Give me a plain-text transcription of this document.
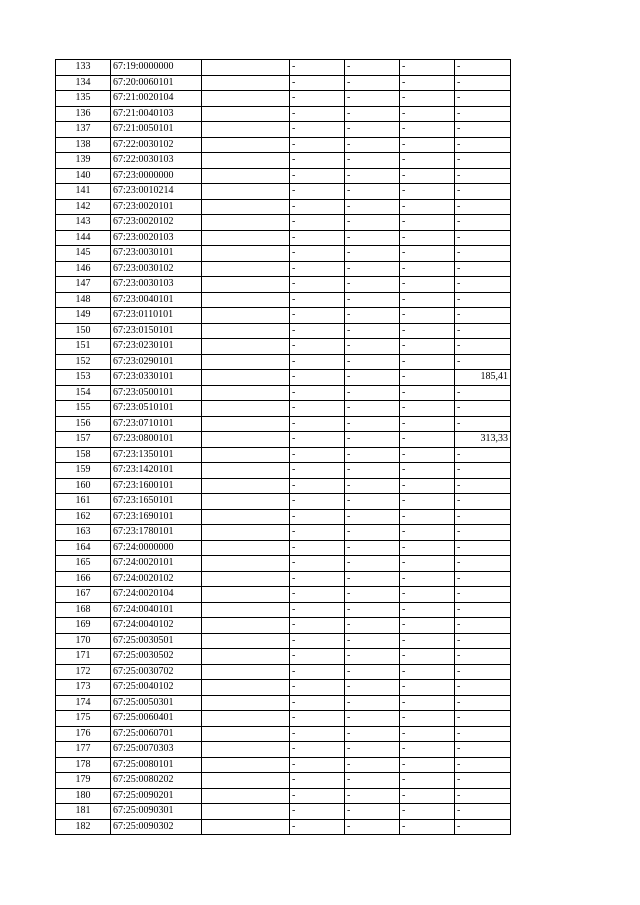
133	67:19:0000000		-	-	-	-
134	67:20:0060101		-	-	-	-
135	67:21:0020104		-	-	-	-
136	67:21:0040103		-	-	-	-
137	67:21:0050101		-	-	-	-
138	67:22:0030102		-	-	-	-
139	67:22:0030103		-	-	-	-
140	67:23:0000000		-	-	-	-
141	67:23:0010214		-	-	-	-
142	67:23:0020101		-	-	-	-
143	67:23:0020102		-	-	-	-
144	67:23:0020103		-	-	-	-
145	67:23:0030101		-	-	-	-
146	67:23:0030102		-	-	-	-
147	67:23:0030103		-	-	-	-
148	67:23:0040101		-	-	-	-
149	67:23:0110101		-	-	-	-
150	67:23:0150101		-	-	-	-
151	67:23:0230101		-	-	-	-
152	67:23:0290101		-	-	-	-
153	67:23:0330101		-	-	-	185,41
154	67:23:0500101		-	-	-	-
155	67:23:0510101		-	-	-	-
156	67:23:0710101		-	-	-	-
157	67:23:0800101		-	-	-	313,33
158	67:23:1350101		-	-	-	-
159	67:23:1420101		-	-	-	-
160	67:23:1600101		-	-	-	-
161	67:23:1650101		-	-	-	-
162	67:23:1690101		-	-	-	-
163	67:23:1780101		-	-	-	-
164	67:24:0000000		-	-	-	-
165	67:24:0020101		-	-	-	-
166	67:24:0020102		-	-	-	-
167	67:24:0020104		-	-	-	-
168	67:24:0040101		-	-	-	-
169	67:24:0040102		-	-	-	-
170	67:25:0030501		-	-	-	-
171	67:25:0030502		-	-	-	-
172	67:25:0030702		-	-	-	-
173	67:25:0040102		-	-	-	-
174	67:25:0050301		-	-	-	-
175	67:25:0060401		-	-	-	-
176	67:25:0060701		-	-	-	-
177	67:25:0070303		-	-	-	-
178	67:25:0080101		-	-	-	-
179	67:25:0080202		-	-	-	-
180	67:25:0090201		-	-	-	-
181	67:25:0090301		-	-	-	-
182	67:25:0090302		-	-	-	-
